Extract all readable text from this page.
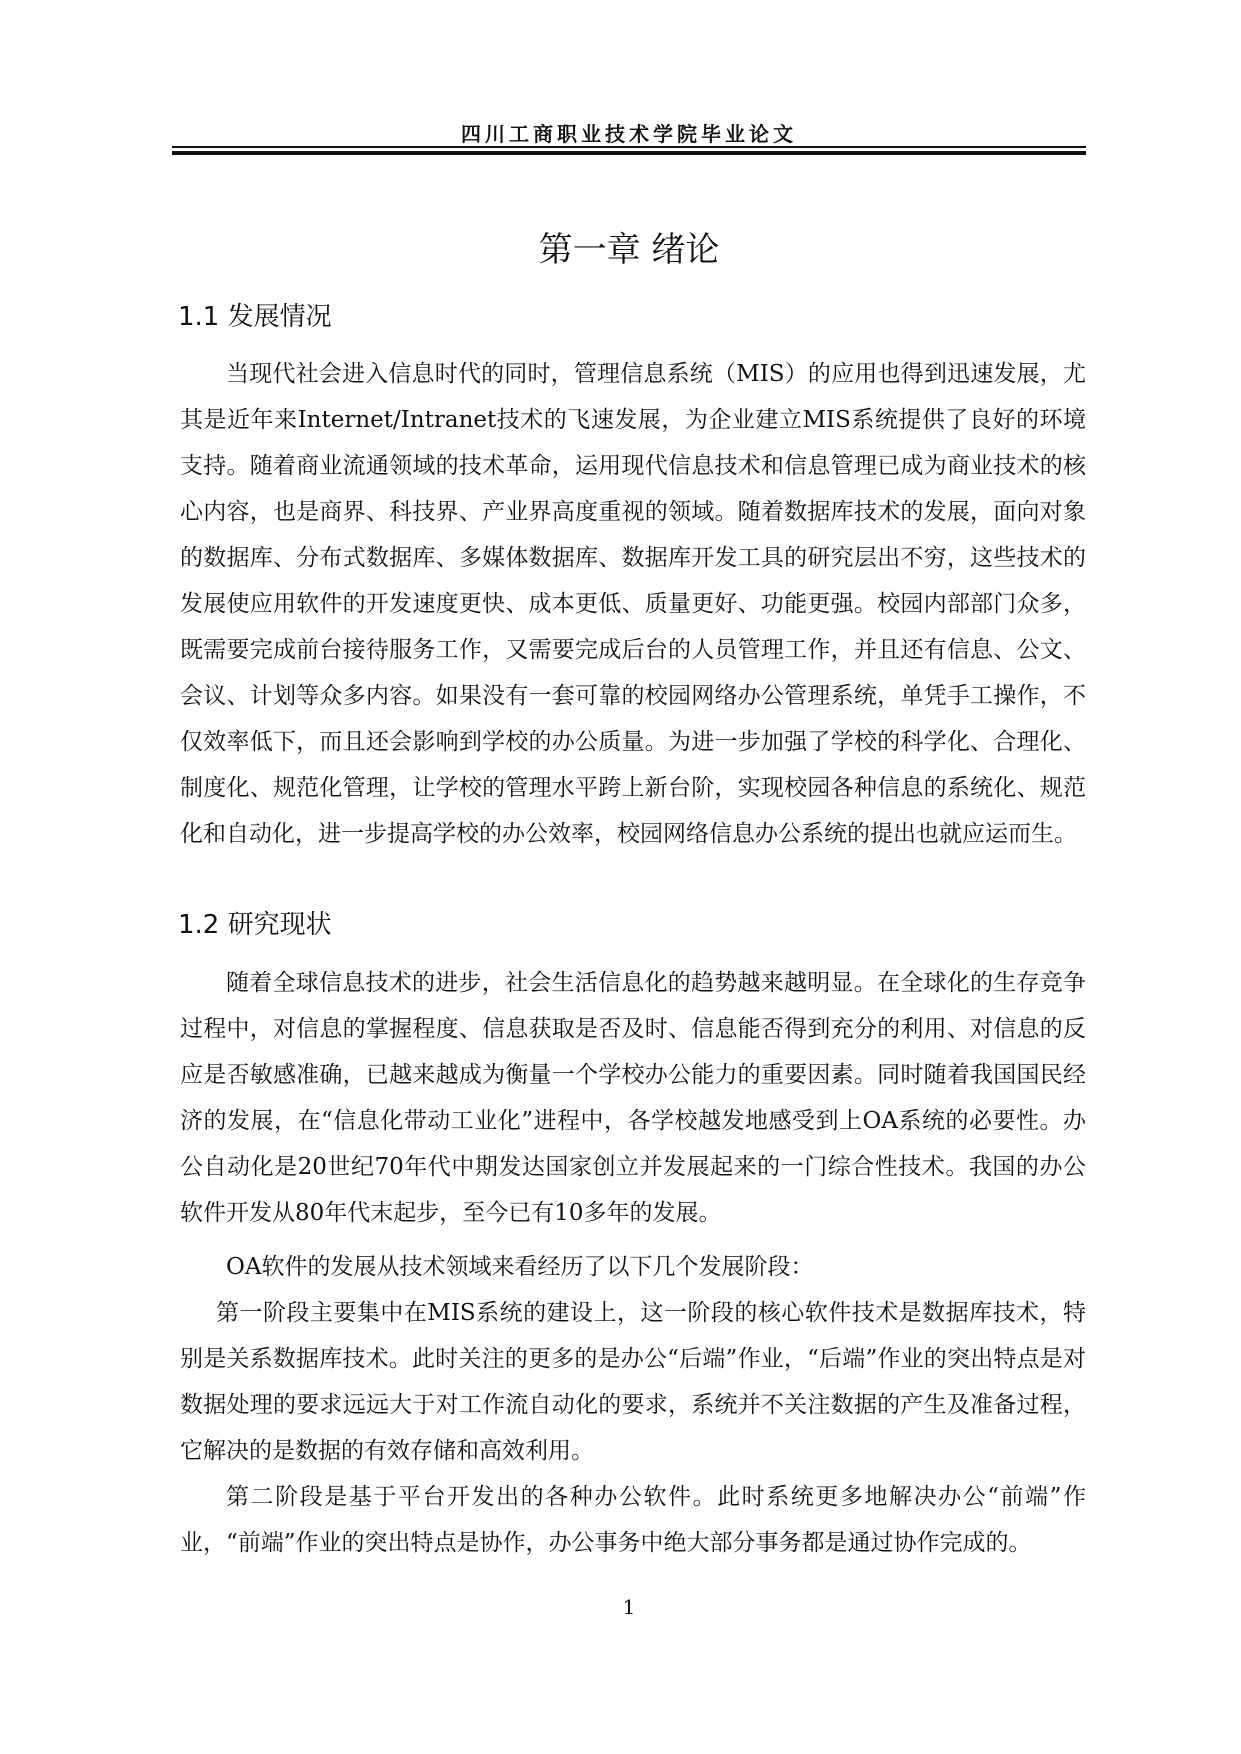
四川工商职业技术学院毕业论文
第一章 绪论
1.1 发展情况

当现代社会进入信息时代的同时，管理信息系统（MIS）的应用也得到迅速发展，尤其是近年来Internet/Intranet技术的飞速发展，为企业建立MIS系统提供了良好的环境支持。随着商业流通领域的技术革命，运用现代信息技术和信息管理已成为商业技术的核心内容，也是商界、科技界、产业界高度重视的领域。随着数据库技术的发展，面向对象的数据库、分布式数据库、多媒体数据库、数据库开发工具的研究层出不穷，这些技术的发展使应用软件的开发速度更快、成本更低、质量更好、功能更强。校园内部部门众多，既需要完成前台接待服务工作，又需要完成后台的人员管理工作，并且还有信息、公文、会议、计划等众多内容。如果没有一套可靠的校园网络办公管理系统，单凭手工操作，不仅效率低下，而且还会影响到学校的办公质量。为进一步加强了学校的科学化、合理化、制度化、规范化管理，让学校的管理水平跨上新台阶，实现校园各种信息的系统化、规范化和自动化，进一步提高学校的办公效率，校园网络信息办公系统的提出也就应运而生。

1.2 研究现状

随着全球信息技术的进步，社会生活信息化的趋势越来越明显。在全球化的生存竞争过程中，对信息的掌握程度、信息获取是否及时、信息能否得到充分的利用、对信息的反应是否敏感准确，已越来越成为衡量一个学校办公能力的重要因素。同时随着我国国民经济的发展，在“信息化带动工业化”进程中，各学校越发地感受到上OA系统的必要性。办公自动化是20世纪70年代中期发达国家创立并发展起来的一门综合性技术。我国的办公软件开发从80年代末起步，至今已有10多年的发展。

OA软件的发展从技术领域来看经历了以下几个发展阶段：

第一阶段主要集中在MIS系统的建设上，这一阶段的核心软件技术是数据库技术，特别是关系数据库技术。此时关注的更多的是办公“后端”作业，“后端”作业的突出特点是对数据处理的要求远远大于对工作流自动化的要求，系统并不关注数据的产生及准备过程，它解决的是数据的有效存储和高效利用。

第二阶段是基于平台开发出的各种办公软件。此时系统更多地解决办公“前端”作业，“前端”作业的突出特点是协作，办公事务中绝大部分事务都是通过协作完成的。

1
